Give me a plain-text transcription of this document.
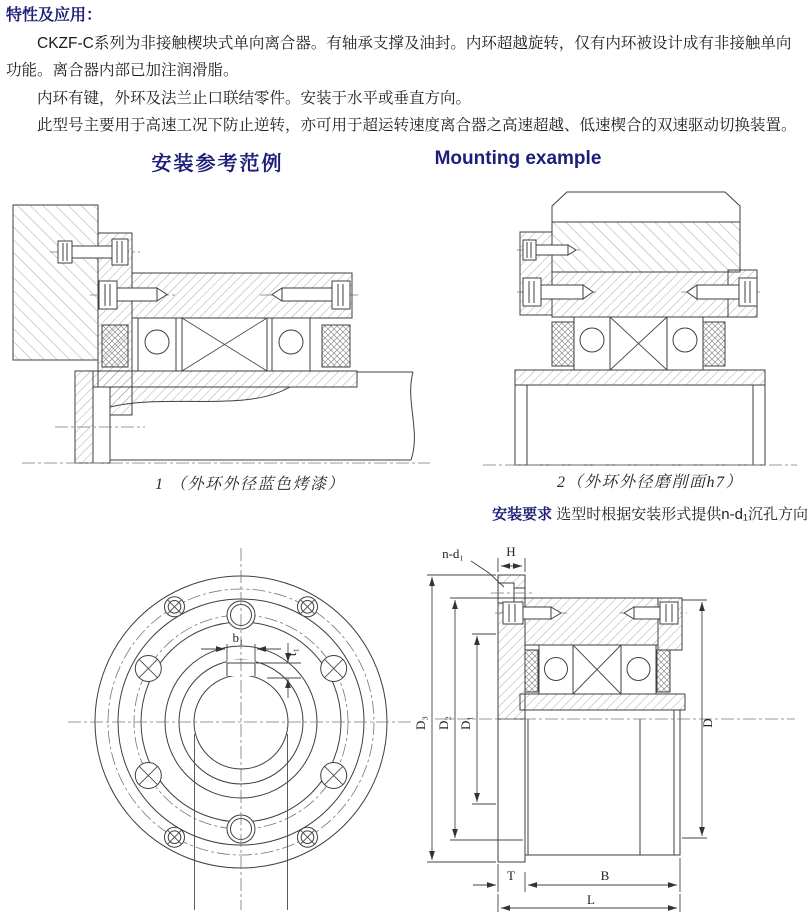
特性及应用：

CKZF-C系列为非接触楔块式单向离合器。有轴承支撑及油封。内环超越旋转，仅有内环被设计成有非接触单向功能。离合器内部已加注润滑脂。

内环有键，外环及法兰止口联结零件。安装于水平或垂直方向。

此型号主要用于高速工况下防止逆转，亦可用于超运转速度离合器之高速超越、低速楔合的双速驱动切换装置。

安装参考范例	Mounting example
1 （外环外径蓝色烤漆）	2（外环外径磨削面h7）
安装要求 选型时根据安装形式提供n-d₁沉孔方向
b₁
t₁
n-d₁	H
D₃ D₂ D₁	D
T	B
L
